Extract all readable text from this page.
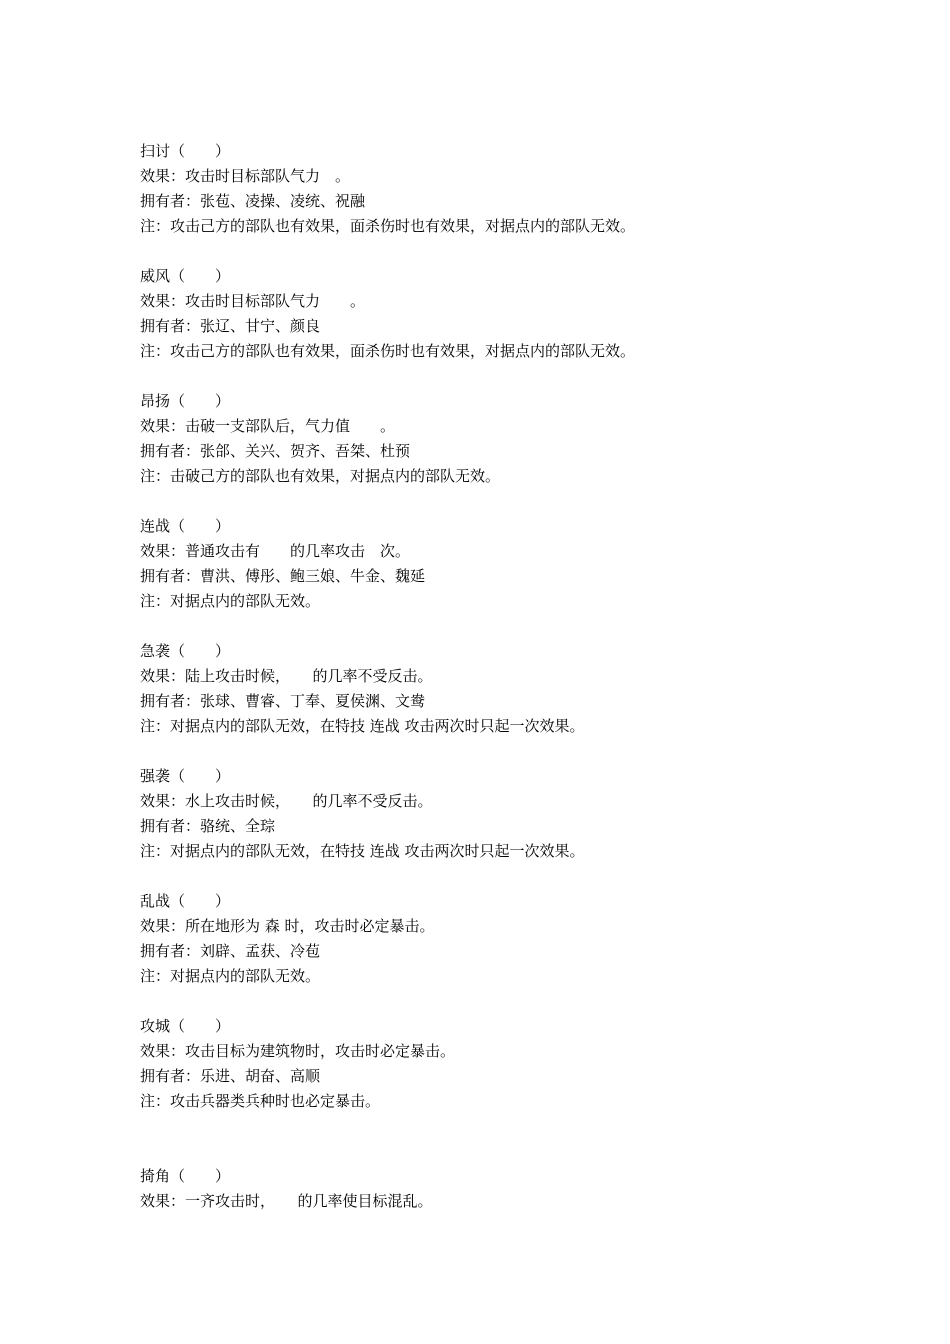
扫讨（　　）
效果：攻击时目标部队气力　。
拥有者：张苞、凌操、凌统、祝融
注：攻击己方的部队也有效果，面杀伤时也有效果，对据点内的部队无效。
威风（　　）
效果：攻击时目标部队气力　　。
拥有者：张辽、甘宁、颜良
注：攻击己方的部队也有效果，面杀伤时也有效果，对据点内的部队无效。
昂扬（　　）
效果：击破一支部队后，气力值　　。
拥有者：张郃、关兴、贺齐、吾桀、杜预
注：击破己方的部队也有效果，对据点内的部队无效。
连战（　　）
效果：普通攻击有　　的几率攻击　次。
拥有者：曹洪、傅彤、鲍三娘、牛金、魏延
注：对据点内的部队无效。
急袭（　　）
效果：陆上攻击时候，　　的几率不受反击。
拥有者：张球、曹睿、丁奉、夏侯渊、文鸯
注：对据点内的部队无效，在特技 连战 攻击两次时只起一次效果。
强袭（　　）
效果：水上攻击时候，　　的几率不受反击。
拥有者：骆统、全琮
注：对据点内的部队无效，在特技 连战 攻击两次时只起一次效果。
乱战（　　）
效果：所在地形为 森 时，攻击时必定暴击。
拥有者：刘辟、孟获、冷苞
注：对据点内的部队无效。
攻城（　　）
效果：攻击目标为建筑物时，攻击时必定暴击。
拥有者：乐进、胡奋、高顺
注：攻击兵器类兵种时也必定暴击。
掎角（　　）
效果：一齐攻击时，　　的几率使目标混乱。
